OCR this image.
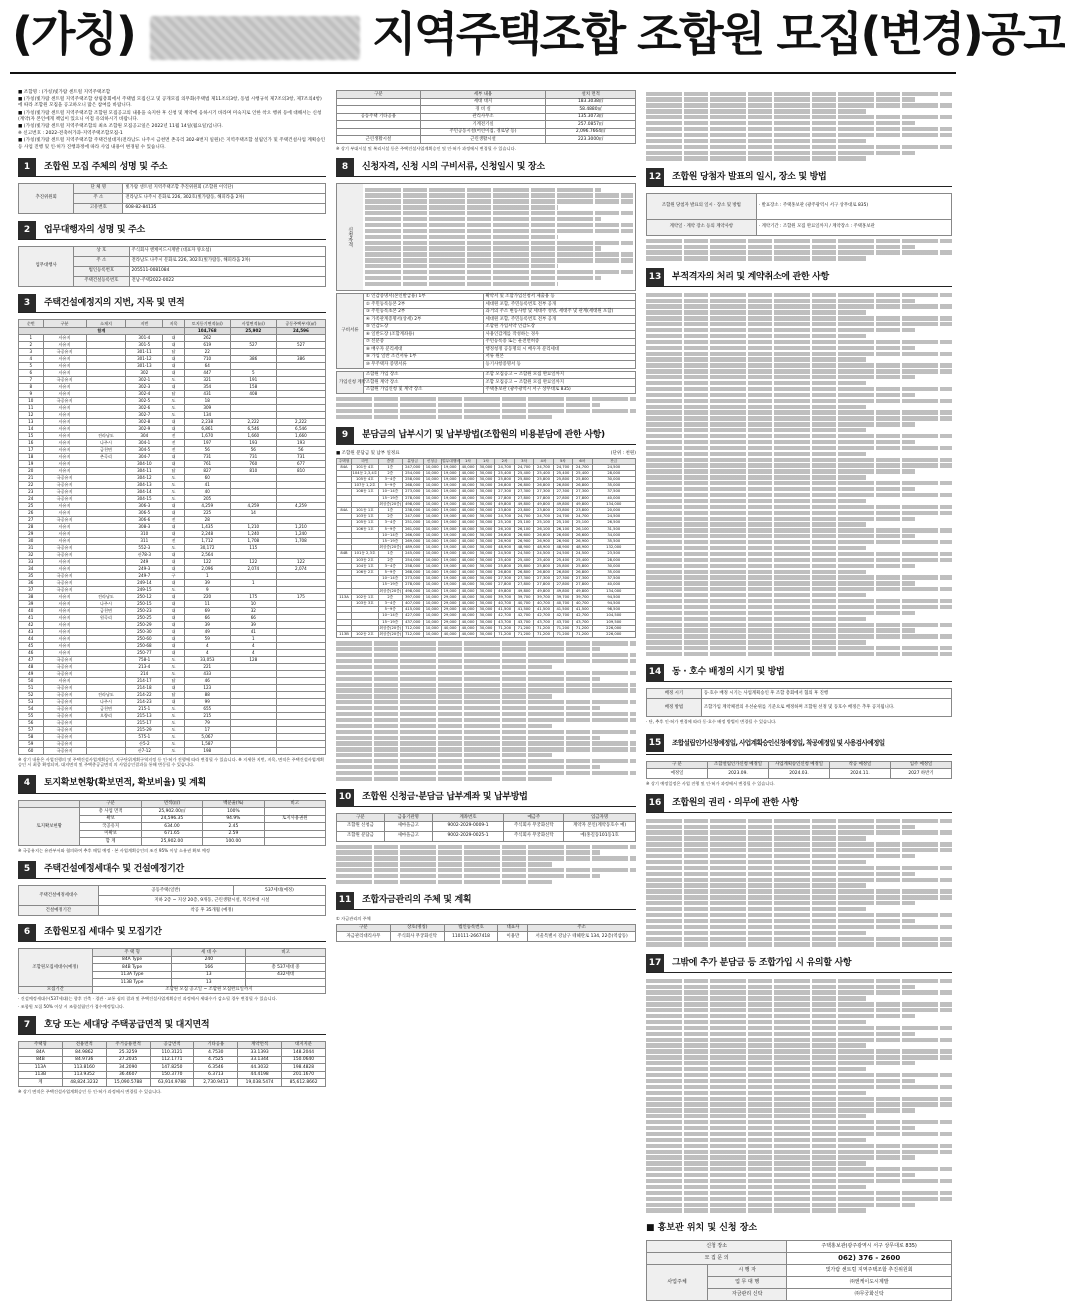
(가칭)	지역주택조합 조합원 모집(변경)공고
■ 조합명 : (가칭)빛가람 센트럴 지역주택조합
■ (가칭)빛가람 센트럴 지역주택조합 창립총회에서 주택법 모집신고 및 공개모집 의무화(주택법 제11조의3항, 동법 시행규칙 제7조의3항, 제7조의4항)에 따라 조합원 모집을 공고하오니 많은 참여를 바랍니다.
■ (가칭)빛가람 센트럴 지역주택조합 조합원 모집공고의 내용을 숙지한 후 신청 및 계약에 응하시기 바라며 미숙지로 인한 착오 행위 등에 대해서는 신청(계약)자 본인에게 책임이 있으니 이점 유의하시기 바랍니다.
■ (가칭)빛가람 센트럴 지역주택조합의 최초 조합원 모집공고일은 2022년 11월 14일(월요일)입니다.
※ 신고번호 : 2022-전축허가과-지역주택조합모집-1
■ (가칭)빛가람 센트럴 지역주택조합 주택건설대지(전라남도 나주시 금천면 촌곡리 302-8번지 일원)은 지역주택조합 설립인가 및 주택건설사업 계획승인 등 사업 진행 및 인·허가 진행과정에 따라 사업 내용이 변경될 수 있습니다.
1	조합원 모집 주체의 성명 및 주소
추진위원회	단 체 명	빛가람 센트럴 지역주택조합 추진위원회 (조합원 이익단)
	주 소	전라남도 나주시 문화로 226, 302호(빛가람동, 해피라움 2차)
	고유번호	608-82-84135
2	업무대행자의 성명 및 주소
업무대행사	상 호	주식회사 엔케이드시계발 (대표자 양요섭)
	주 소	전라남도 나주시 문화로 226, 302호(빛가람동, 해피라움 2차)
	법인등록번호	205511-0081084
	주택건설등록번호	전남-주택2022-0022
3	주택건설예정지의 지번, 지목 및 면적
순번	구분	소재지	지번	지목	토지등기면적(㎡)	사업면적(㎡)	공동주택부지(㎡)
합계					104,768	25,902	24,596
1	사유지		301-4	대	262		
2	사유지		301-5	대	619	527	527
3	국공유지		301-11	답	22		
4	사유지		301-12	대	710	386	386
5	사유지		301-13	대	64		
6	사유지		302	대	447	5	
7	국공유지		302-1	도	321	191	
8	사유지		302-3	대	354	158	
9	사유지		302-4	답	431	408	
10	국공유지		302-5	도	18		
11	사유지		302-6	도	309		
12	사유지		302-7	도	134		
13	사유지		302-8	대	2,238	2,222	2,222
14	사유지		302-9	대	6,861	6,546	6,546
15	사유지	전라남도	304	전	1,670	1,660	1,660
16	사유지	나주시	304-1	전	197	193	193
17	사유지	금천면	304-5	전	56	56	56
18	사유지	촌곡리	304-7	대	731	731	731
19	사유지		304-10	대	761	760	677
20	사유지		304-11	답	827	810	810
21	국공유지		304-12	도	60		
22	국공유지		304-13	도	41		
23	국공유지		304-14	도	40		
24	국공유지		304-15	도	205		
25	사유지		306-3	대	4,259	4,259	4,259
26	사유지		306-5	대	225	14	
27	국공유지		306-6	전	28		
28	사유지		308-3	대	1,435	1,210	1,210
29	사유지		310	대	2,248	1,240	1,240
30	사유지		311	전	1,712	1,708	1,708
31	국공유지		552-3	도	30,172	115	
32	국공유지		산78-3	대	2,564		
33	사유지		249	대	122	122	122
34	사유지		249-3	대	2,096	2,074	2,074
35	국공유지		249-7	구	1		
36	국공유지		249-14	대	39	1	
37	국공유지		249-15	도	9		
38	사유지	전라남도	250-12	대	220	175	175
39	사유지	나주시	250-15	대	11	10	
40	사유지	금천면	250-23	대	69	32	
41	사유지	원곡리	250-25	대	66	66	
42	사유지		250-29	대	39	39	
43	사유지		250-30	대	49	41	
44	사유지		250-60	대	59	1	
45	사유지		250-68	대	4	4	
46	사유지		250-77	대	4	4	
47	국공유지		758-1	도	33,053	128	
48	국공유지		213-4	도	221		
49	국공유지		214	도	433		
50	사유지		214-17	답	46		
51	국공유지		214-18	대	123		
52	국공유지	전라남도	214-22	답	88		
53	국공유지	나주시	214-23	대	99		
54	국공유지	금천면	215-1	도	655		
55	국공유지	오량리	215-13	도	215		
56	국공유지		215-17	도	79		
57	국공유지		215-29	도	17		
58	국공유지		575-1	도	5,067		
59	국공유지		산5-2	도	1,587		
60	국공유지		산7-12	도	198		
※ 상기 내용은 사업진행의 및 주택건설사업계획승인, 지구단위계획구역지정 등 인·허가 진행에 따라 변경될 수 있습니다. ※ 지세한 지번, 지목, 면적은 주택건설사업계획승인 시 최종 확정되며, 대지면적 및 주택총공급면적 의 사업승인결과를 통해 변동될 수 있습니다.
4	토지확보현황(확보면적, 확보비율) 및 계획
	구분	면적(㎡)	백분율(%)	비고
토지확보현황	총 사업 면적	25,902.00㎡	100%	
	확보	24,596.35	94.9%	토지사용권원
	국공유지	634.00	2.45	
	미확보	671.65	2.59	
	합 계	25,902.00	100.00	
※ 국공유지는 유관부서와 협의하여 추후 매입 예정 · 본 사업계획승인의 조건 95% 이상 소유권 확보 예정
5	주택건설예정세대수 및 건설예정기간
주택건설예정세대수	공동주택(일반)	537세대(예정)
	지하 2층 ~ 지상 20층, 9개동, 근린생활시설, 복리부대 시설	
건설예정기간	착공 후 35개월 (예정)	
6	조합원모집 세대수 및 모집기간
조합원모집세대수(예정)	주 택 형	세 대 수	비고
	84A Type	240	
	84B Type	166	총 537세대 중
	113A Type	13	432세대
	113B Type	13	
모집기간	조합원 모집 공고일 ~ 조합원 모집완료일까지		
· 건설예정세대수(537세대)는 향후 건축 · 경관 · 교통 심의 결과 및 주택건설사업계획승인 과정에서 세대수가 감소될 경우 변경될 수 있습니다.
· 조합원 모집 50% 이상 시 조합설립인가 접수예정입니다.
7	호당 또는 세대당 주택공급면적 및 대지면적
주택형	전용면적	주거공용면적	공급면적	기타공용	계약면적	대지지분
84A	84.9862	25.3259	110.3121	4.7530	33.1393	148.2044
84B	84.9736	27.2035	112.1771	4.7525	33.1344	150.0640
113A	113.8160	34.2090	147.8250	6.3546	44.3032	198.4828
113B	113.9352	36.4607	150.3770	6.3713	44.4198	201.1670
계	48,824.3232	15,090.5788	63,914.9788	2,730.9413	19,038.5474	85,612.8662
※ 상기 면적은 주택건설사업계획승인 등 인·허가 과정에서 변경될 수 있습니다.
구분	세부 내용	설치 면적
	세대 대지	183.3038㎡
	경 비 실	58.4880㎡
공동주택 기타공용	관리사무소	135.3073㎡
	기계전기실	257.0857㎡
	주민공동시설(어린이집, 경로당 등)	2,096.7664㎡
근린생활시설	근린생활시설	223.3000㎡
※ 상기 부대시설 및 복리시설 등은 주택건설사업계획승인 및 인·허가 과정에서 변경될 수 있습니다.
8	신청자격, 신청 시의 구비서류, 신청일시 및 장소
신청자격
구비서류	① 인감증명서(본인발급용) 1부	확약서 및 조합가입신청서 제출용 등
	② 주민등록등본 2부	세대원 포함, 주민등록번호 전부 공개
	③ 주민등록초본 2부	과거의 주소 변동사항 및 세대주 성명, 세대주 및 관계(세대원 포함)
	④ 가족관계증명서(상세) 2부	세대원 포함, 주민등록번호 전부 공개
	⑤ 인감도장	조합원 가입서약 인감도장
	⑥ 일반도장 (조합계좌용)	사용인감계를 작성하는 경우
	⑦ 신분증	주민등록증 또는 운전면허증
	⑧ 배우자 분리세대	행정청정 공동명의 시 배우자 분리세대
	⑨ 가입 일반 조건서류 1부	서류 원본
	⑩ 무주택자 증명서류	등기사항증명서 등
가입신청 계약	조합원 가입 장소	조합 모집공고 ~ 조합원 모집 완료일까지
	조합원 계약 장소	조합 모집공고 ~ 조합원 모집 완료일까지
	조합원 가입신청 및 계약 장소	주택홍보관 (광주광역시 서구 상무대로 835)
9	분담금의 납부시기 및 납부방법(조합원의 비용분담에 관한 사항)
■ 조합원 분담금 및 납부 일정표	(단위 : 천원)
주택형	라인	층별	분담금	신청금	업무대행비	1차	1차	2차	3차	4차	5차	6차	잔금
84A	101동 4호	1층	247,000	10,000	19,000	40,000	30,000	24,700	24,700	24,700	24,700	24,700	24,500
	104동 2,3,4호	2층	254,000	10,000	19,000	40,000	30,000	25,400	25,400	25,400	25,400	25,400	28,000
	105동 4호	3~4층	258,000	10,000	19,000	40,000	30,000	25,800	25,800	25,800	25,800	25,800	30,000
	107동 1,2호	5~9층	268,000	10,000	19,000	40,000	30,000	26,800	26,800	26,800	26,800	26,800	35,000
	108동 1호	10~14층	273,000	10,000	19,000	40,000	30,000	27,300	27,300	27,300	27,300	27,300	37,500
		15~19층	278,000	10,000	19,000	40,000	30,000	27,800	27,800	27,800	27,800	27,800	40,000
		최상층(20층)	498,000	10,000	19,000	40,000	30,000	49,800	49,800	49,800	49,800	49,800	134,000
84A	101동 1호	1층	238,000	10,000	19,000	40,000	30,000	23,800	23,800	23,800	23,800	23,800	20,000
	103동 1호	2층	247,000	10,000	19,000	40,000	30,000	24,700	24,700	24,700	24,700	24,700	24,500
	105동 1호	3~4층	251,000	10,000	19,000	40,000	30,000	25,100	25,100	25,100	25,100	25,100	26,500
	106동 1호	5~9층	261,000	10,000	19,000	40,000	30,000	26,100	26,100	26,100	26,100	26,100	31,500
		10~14층	266,000	10,000	19,000	40,000	30,000	26,600	26,600	26,600	26,600	26,600	34,000
		15~19층	269,000	10,000	19,000	40,000	30,000	26,900	26,900	26,900	26,900	26,900	35,500
		최상층(20층)	489,000	10,000	19,000	40,000	30,000	48,900	48,900	48,900	48,900	48,900	132,000
84B	101동 2,3호	1층	245,000	10,000	19,000	40,000	30,000	24,500	24,500	24,500	24,500	24,500	23,500
	103동 2호	2층	254,000	10,000	19,000	40,000	30,000	25,400	25,400	25,400	25,400	25,400	28,000
	104동 1호	3~4층	258,000	10,000	19,000	40,000	30,000	25,800	25,800	25,800	25,800	25,800	30,000
	106동 2호	5~9층	268,000	10,000	19,000	40,000	30,000	26,800	26,800	26,800	26,800	26,800	35,000
		10~14층	273,000	10,000	19,000	40,000	30,000	27,300	27,300	27,300	27,300	27,300	37,500
		15~19층	278,000	10,000	19,000	40,000	30,000	27,800	27,800	27,800	27,800	27,800	40,000
		최상층(20층)	498,000	10,000	19,000	40,000	30,000	49,800	49,800	49,800	49,800	49,800	134,000
113A	102동 1호	2층	397,000	10,000	29,000	40,000	30,000	39,700	39,700	39,700	39,700	39,700	94,500
	103동 3호	3~4층	407,000	10,000	29,000	40,000	30,000	40,700	40,700	40,700	40,700	40,700	94,500
		5~9층	415,000	10,000	29,000	40,000	30,000	41,500	41,500	41,500	41,500	41,500	98,500
		10~14층	427,000	10,000	29,000	40,000	30,000	42,700	42,700	42,700	42,700	42,700	104,500
		15~19층	437,000	10,000	29,000	40,000	30,000	43,700	43,700	43,700	43,700	43,700	109,500
		최상층(20층)	712,000	10,000	40,000	40,000	30,000	71,200	71,200	71,200	71,200	71,200	226,000
113B	102동 2호	최상층(20층)	712,000	10,000	40,000	40,000	30,000	71,200	71,200	71,200	71,200	71,200	226,000
10	조합원 신청금·분담금 납부계좌 및 납부방법
구분	금융기관명	계좌번호	예금주	입금자명
조합원 신청금	새마을금고	9002-2029-0009-1	주식회사 무궁화신탁	계약자 본인(계약동호수 예)
조합원 분담금	새마을금고	9002-2029-0025-1	주식회사 무궁화신탁	예)홍길동101동1호
11	조합자금관리의 주체 및 계획
① 자금관리의 주체
구분	상호(명칭)	법인등록번호	대표자	주소
자금관리대리사무	주식회사 무궁화신탁	110111-2667418	이용만	서울특별시 강남구 테헤란로 134, 22층(역삼동)
12	조합원 당첨자 발표의 일시, 장소 및 방법
조합원 당첨자 발표의 일시 · 장소 및 방법	· 발표장소 : 주택홍보관 (광주광역시 서구 상무대로 835)
계약일 · 계약 장소 등의 계약사항	· 계약기간 : 조합원 모집 완료일까지 / 계약장소 : 주택홍보관
13	부적격자의 처리 및 계약취소에 관한 사항
14	동 · 호수 배정의 시기 및 방법
배정 시기	동·호수 배정 시기는 사업계획승인 후 조합 총회에서 협의 후 진행
배정 방법	조합가입 계약체결의 우선순위를 기준으로 배정하며 조합원 선정 및 동호수 배정은 추후 공지됩니다.
· 단, 추후 인·허가 변경에 따라 동·호수 배정 방법이 변경될 수 있습니다.
15	조합설립인가신청예정일, 사업계획승인신청예정일, 착공예정일 및 사용검사예정일
구 분	조합설립인가신청 예정일	사업계획승인신청 예정일	착공 예정일	입주 예정일
예정일	2023.09.	2024.03.	2024.11.	2027 하반기
※ 상기 예정일정은 사업 진행 및 인·허가 과정에서 변경될 수 있습니다.
16	조합원의 권리 · 의무에 관한 사항
17	그밖에 추가 분담금 등 조합가입 시 유의할 사항
■ 홍보관 위치 및 신청 장소
신청 장소		주택홍보관(광주광역시 서구 상무대로 835)
모 집 문 의		062) 376 - 2600
사업주체	시 행 자	빛가람 센트럴 지역주택조합 추진위원회
	업 무 대 행	㈜엔케이도시계발
	자금관리 신탁	㈜무궁화신탁
